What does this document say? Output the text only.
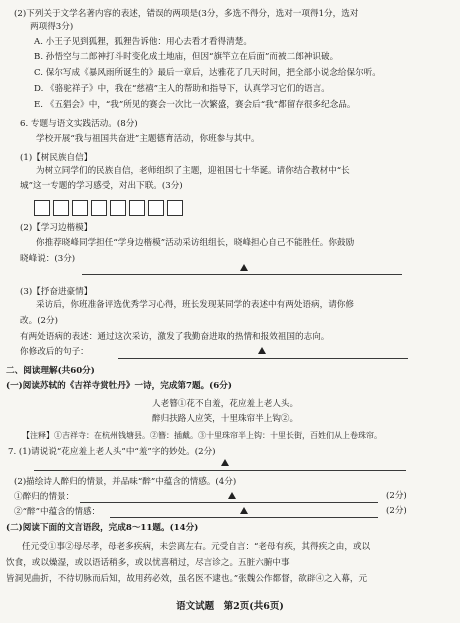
(2)下列关于文学名著内容的表述，错误的两项是(3分，多选不得分，选对一项得1分，选对
两项得3分)
A. 小王子见到狐狸，狐狸告诉他：用心去看才看得清楚。
B. 孙悟空与二郎神打斗时变化成土地庙，但因“旗竿立在后面”而被二郎神识破。
C. 保尔写成《暴风雨所诞生的》最后一章后，达雅花了几天时间，把全部小说念给保尔听。
D. 《骆驼祥子》中，我在“慈禧”主人的帮助和指导下，认真学习它们的语言。
E. 《五猖会》中，“我”所见的赛会一次比一次繁盛，赛会后“我”都留存很多纪念品。
6. 专题与语文实践活动。(8分)
学校开展“我与祖国共奋进”主题德育活动，你班参与其中。
(1)【树民族自信】
为树立同学们的民族自信，老师组织了主题，迎祖国七十华诞。请你结合教材中“长
城”这一专题的学习感受，对出下联。(3分)
(2)【学习边楷模】
你推荐晓峰同学担任“学身边楷模”活动采访组组长，晓峰担心自己不能胜任。你鼓励
晓峰说：(3分)
(3)【抒奋进豪情】
采访后，你班准备评选优秀学习心得，班长发现某同学的表述中有两处语病，请你修
改。(2分)
有两处语病的表述：通过这次采访，激发了我勤奋进取的热情和报效祖国的志向。
你修改后的句子：
二、阅读理解(共60分)
(一)阅读苏轼的《吉祥寺赏牡丹》一诗，完成第7题。(6分)
人老簪①花不自羞，花应羞上老人头。
醉归扶路人应笑，十里珠帘半上钩②。
【注释】①吉祥寺：在杭州钱塘县。②簪：插戴。③十里珠帘半上钩：十里长街，百姓们从上卷珠帘。
7. (1)请说说“花应羞上老人头”中“羞”字的妙处。(2分)
(2)描绘诗人醉归的情景，并品味“醉”中蕴含的情感。(4分)
①醉归的情景：	(2分)
②“醉”中蕴含的情感：	(2分)
(二)阅读下面的文言语段，完成8～11题。(14分)
任元受①事②母尽孝，母老多疾病，未尝离左右。元受自言：“老母有疾，其得疾之由，或以
饮食，或以燥湿，或以语话稍多，或以忧喜稍过，尽言诊之。五脏六腑中事
皆洞见曲折，不待切脉而后知，故用药必效，虽名医不逮也。”张魏公作都督，欲辟④之入幕，元
语文试题　第2页(共6页)
